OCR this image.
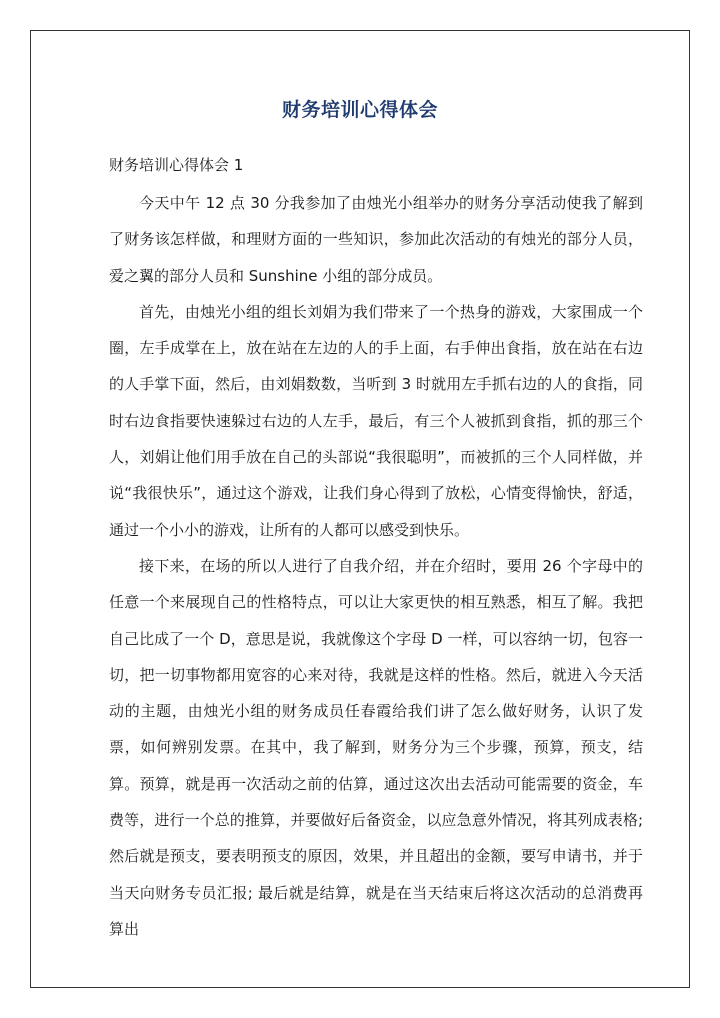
财务培训心得体会
财务培训心得体会 1

今天中午 12 点 30 分我参加了由烛光小组举办的财务分享活动使我了解到了财务该怎样做，和理财方面的一些知识，参加此次活动的有烛光的部分人员，爱之翼的部分人员和 Sunshine 小组的部分成员。

首先，由烛光小组的组长刘娟为我们带来了一个热身的游戏，大家围成一个圈，左手成掌在上，放在站在左边的人的手上面，右手伸出食指，放在站在右边的人手掌下面，然后，由刘娟数数，当听到 3 时就用左手抓右边的人的食指，同时右边食指要快速躲过右边的人左手，最后，有三个人被抓到食指，抓的那三个人，刘娟让他们用手放在自己的头部说“我很聪明”，而被抓的三个人同样做，并说“我很快乐”，通过这个游戏，让我们身心得到了放松，心情变得愉快，舒适，通过一个小小的游戏，让所有的人都可以感受到快乐。

接下来，在场的所以人进行了自我介绍，并在介绍时，要用 26 个字母中的任意一个来展现自己的性格特点，可以让大家更快的相互熟悉，相互了解。我把自己比成了一个 D，意思是说，我就像这个字母 D 一样，可以容纳一切，包容一切，把一切事物都用宽容的心来对待，我就是这样的性格。然后，就进入今天活动的主题，由烛光小组的财务成员任春霞给我们讲了怎么做好财务，认识了发票，如何辨别发票。在其中，我了解到，财务分为三个步骤，预算，预支，结算。预算，就是再一次活动之前的估算，通过这次出去活动可能需要的资金，车费等，进行一个总的推算，并要做好后备资金，以应急意外情况，将其列成表格; 然后就是预支，要表明预支的原因，效果，并且超出的金额，要写申请书，并于当天向财务专员汇报; 最后就是结算，就是在当天结束后将这次活动的总消费再算出
